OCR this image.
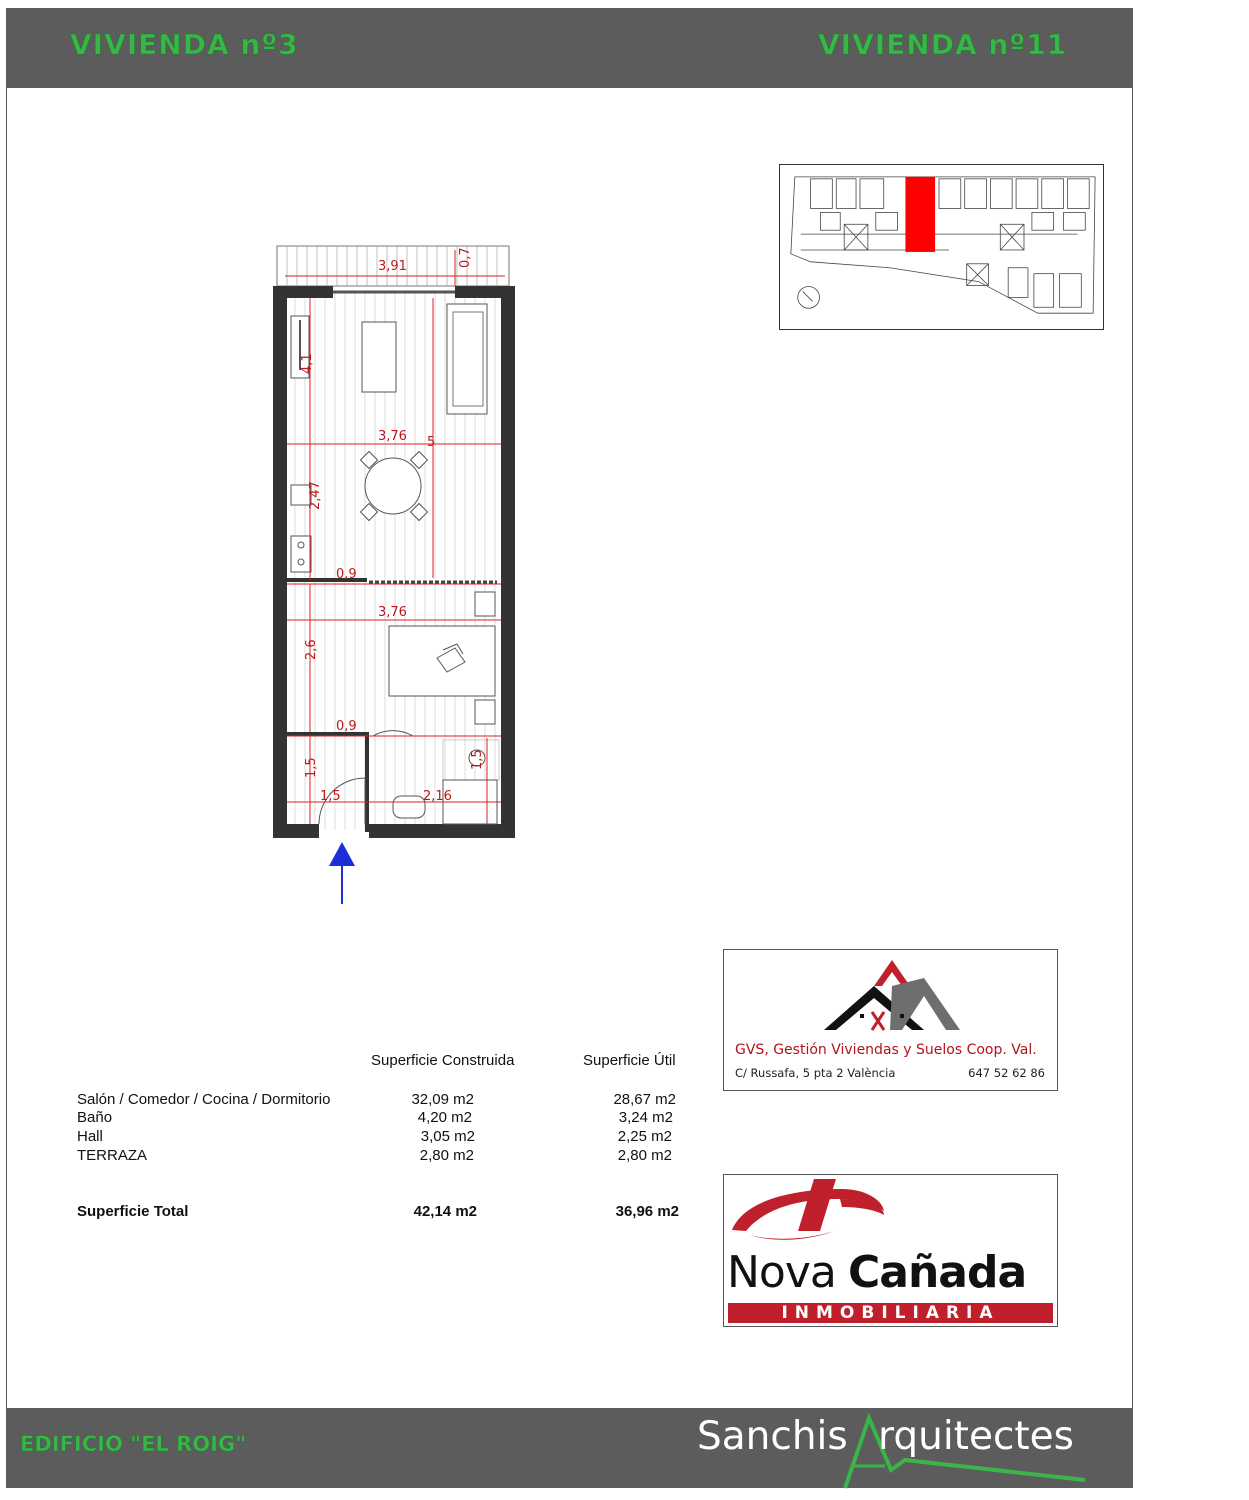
VIVIENDA nº3	VIVIENDA nº11
3,91	0,7
4,1
3,76 5
2,47
0,9
3,76
2,6
0,9
1,5
1,5	2,16
1,5
Superficie Construida	Superficie Útil
Salón / Comedor / Cocina / Dormitorio	32,09 m2	28,67 m2
Baño	4,20 m2	3,24 m2
Hall	3,05 m2	2,25 m2
TERRAZA	2,80 m2	2,80 m2
Superficie Total	42,14 m2	36,96 m2
GVS, Gestión Viviendas y Suelos Coop. Val.
C/ Russafa, 5 pta 2 València	647 52 62 86
Nova Cañada
INMOBILIARIA
EDIFICIO "EL ROIG"	Sanchis rquitectes
